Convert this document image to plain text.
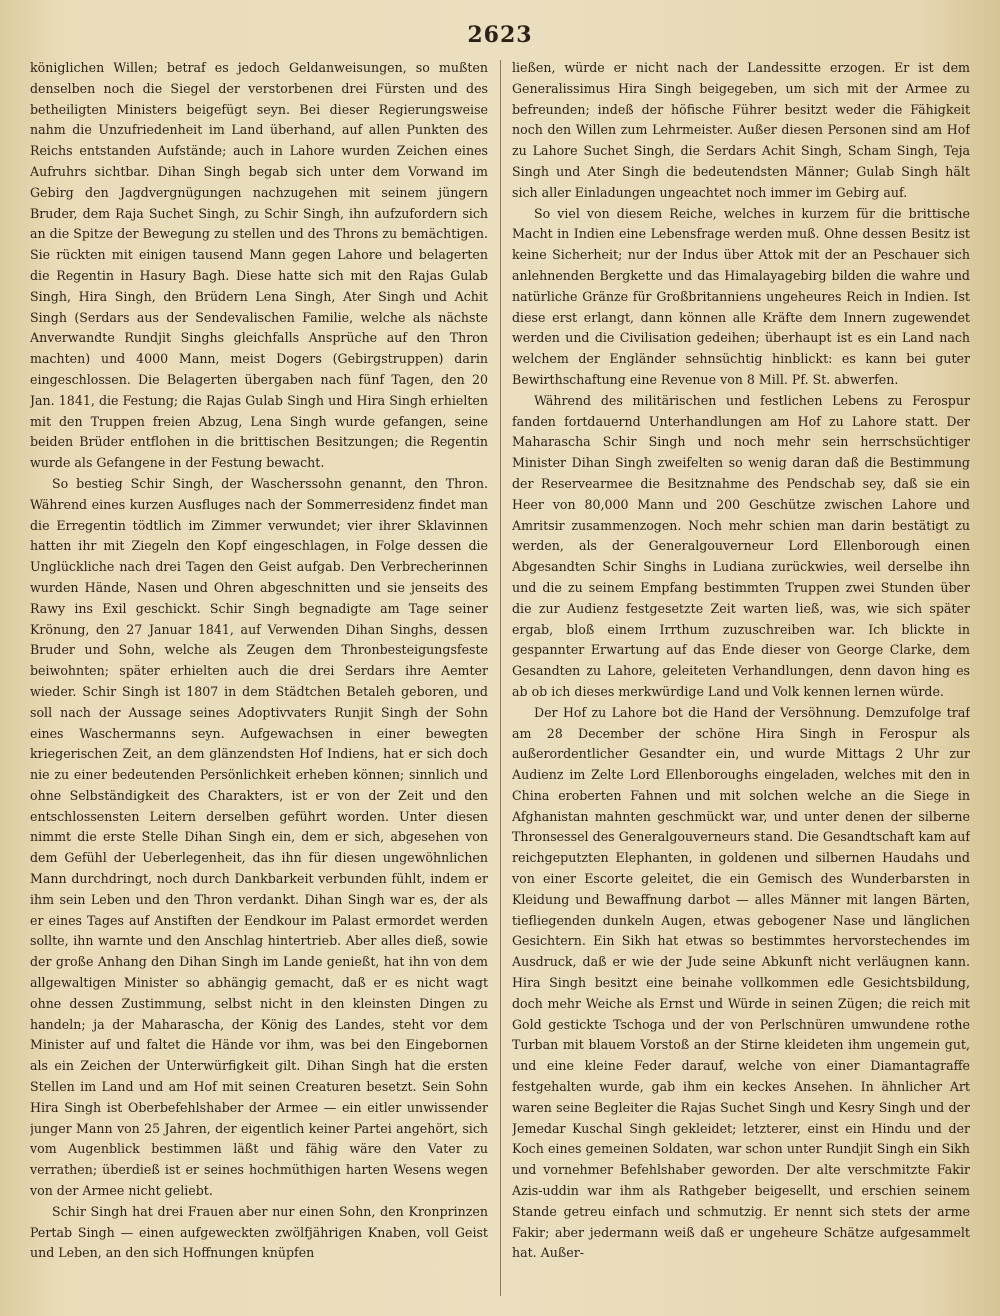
2623

königlichen Willen; betraf es jedoch Geldanweisungen, so mußten denselben noch die Siegel der verstorbenen drei Fürsten und des betheiligten Ministers beigefügt seyn. Bei dieser Regierungsweise nahm die Unzufriedenheit im Land überhand, auf allen Punkten des Reichs entstanden Aufstände; auch in Lahore wurden Zeichen eines Aufruhrs sichtbar. Dihan Singh begab sich unter dem Vorwand im Gebirg den Jagdvergnügungen nachzugehen mit seinem jüngern Bruder, dem Raja Suchet Singh, zu Schir Singh, ihn aufzufordern sich an die Spitze der Bewegung zu stellen und des Throns zu bemächtigen. Sie rückten mit einigen tausend Mann gegen Lahore und belagerten die Regentin in Hasury Bagh. Diese hatte sich mit den Rajas Gulab Singh, Hira Singh, den Brüdern Lena Singh, Ater Singh und Achit Singh (Serdars aus der Sendevalischen Familie, welche als nächste Anverwandte Rundjit Singhs gleichfalls Ansprüche auf den Thron machten) und 4000 Mann, meist Dogers (Gebirgstruppen) darin eingeschlossen. Die Belagerten übergaben nach fünf Tagen, den 20 Jan. 1841, die Festung; die Rajas Gulab Singh und Hira Singh erhielten mit den Truppen freien Abzug, Lena Singh wurde gefangen, seine beiden Brüder entflohen in die brittischen Besitzungen; die Regentin wurde als Gefangene in der Festung bewacht.

So bestieg Schir Singh, der Wascherssohn genannt, den Thron. Während eines kurzen Ausfluges nach der Sommerresidenz findet man die Erregentin tödtlich im Zimmer verwundet; vier ihrer Sklavinnen hatten ihr mit Ziegeln den Kopf eingeschlagen, in Folge dessen die Unglückliche nach drei Tagen den Geist aufgab. Den Verbrecherinnen wurden Hände, Nasen und Ohren abgeschnitten und sie jenseits des Rawy ins Exil geschickt. Schir Singh begnadigte am Tage seiner Krönung, den 27 Januar 1841, auf Verwenden Dihan Singhs, dessen Bruder und Sohn, welche als Zeugen dem Thronbesteigungsfeste beiwohnten; später erhielten auch die drei Serdars ihre Aemter wieder. Schir Singh ist 1807 in dem Städtchen Betaleh geboren, und soll nach der Aussage seines Adoptivvaters Runjit Singh der Sohn eines Waschermanns seyn. Aufgewachsen in einer bewegten kriegerischen Zeit, an dem glänzendsten Hof Indiens, hat er sich doch nie zu einer bedeutenden Persönlichkeit erheben können; sinnlich und ohne Selbständigkeit des Charakters, ist er von der Zeit und den entschlossensten Leitern derselben geführt worden. Unter diesen nimmt die erste Stelle Dihan Singh ein, dem er sich, abgesehen von dem Gefühl der Ueberlegenheit, das ihn für diesen ungewöhnlichen Mann durchdringt, noch durch Dankbarkeit verbunden fühlt, indem er ihm sein Leben und den Thron verdankt. Dihan Singh war es, der als er eines Tages auf Anstiften der Eendkour im Palast ermordet werden sollte, ihn warnte und den Anschlag hintertrieb. Aber alles dieß, sowie der große Anhang den Dihan Singh im Lande genießt, hat ihn von dem allgewaltigen Minister so abhängig gemacht, daß er es nicht wagt ohne dessen Zustimmung, selbst nicht in den kleinsten Dingen zu handeln; ja der Maharascha, der König des Landes, steht vor dem Minister auf und faltet die Hände vor ihm, was bei den Eingebornen als ein Zeichen der Unterwürfigkeit gilt. Dihan Singh hat die ersten Stellen im Land und am Hof mit seinen Creaturen besetzt. Sein Sohn Hira Singh ist Oberbefehlshaber der Armee — ein eitler unwissender junger Mann von 25 Jahren, der eigentlich keiner Partei angehört, sich vom Augenblick bestimmen läßt und fähig wäre den Vater zu verrathen; überdieß ist er seines hochmüthigen harten Wesens wegen von der Armee nicht geliebt.

Schir Singh hat drei Frauen aber nur einen Sohn, den Kronprinzen Pertab Singh — einen aufgeweckten zwölfjährigen Knaben, voll Geist und Leben, an den sich Hoffnungen knüpfen

ließen, würde er nicht nach der Landessitte erzogen. Er ist dem Generalissimus Hira Singh beigegeben, um sich mit der Armee zu befreunden; indeß der höfische Führer besitzt weder die Fähigkeit noch den Willen zum Lehrmeister. Außer diesen Personen sind am Hof zu Lahore Suchet Singh, die Serdars Achit Singh, Scham Singh, Teja Singh und Ater Singh die bedeutendsten Männer; Gulab Singh hält sich aller Einladungen ungeachtet noch immer im Gebirg auf.

So viel von diesem Reiche, welches in kurzem für die brittische Macht in Indien eine Lebensfrage werden muß. Ohne dessen Besitz ist keine Sicherheit; nur der Indus über Attok mit der an Peschauer sich anlehnenden Bergkette und das Himalayagebirg bilden die wahre und natürliche Gränze für Großbritanniens ungeheures Reich in Indien. Ist diese erst erlangt, dann können alle Kräfte dem Innern zugewendet werden und die Civilisation gedeihen; überhaupt ist es ein Land nach welchem der Engländer sehnsüchtig hinblickt: es kann bei guter Bewirthschaftung eine Revenue von 8 Mill. Pf. St. abwerfen.

Während des militärischen und festlichen Lebens zu Ferospur fanden fortdauernd Unterhandlungen am Hof zu Lahore statt. Der Maharascha Schir Singh und noch mehr sein herrschsüchtiger Minister Dihan Singh zweifelten so wenig daran daß die Bestimmung der Reservearmee die Besitznahme des Pendschab sey, daß sie ein Heer von 80,000 Mann und 200 Geschütze zwischen Lahore und Amritsir zusammenzogen. Noch mehr schien man darin bestätigt zu werden, als der Generalgouverneur Lord Ellenborough einen Abgesandten Schir Singhs in Ludiana zurückwies, weil derselbe ihn und die zu seinem Empfang bestimmten Truppen zwei Stunden über die zur Audienz festgesetzte Zeit warten ließ, was, wie sich später ergab, bloß einem Irrthum zuzuschreiben war. Ich blickte in gespannter Erwartung auf das Ende dieser von George Clarke, dem Gesandten zu Lahore, geleiteten Verhandlungen, denn davon hing es ab ob ich dieses merkwürdige Land und Volk kennen lernen würde.

Der Hof zu Lahore bot die Hand der Versöhnung. Demzufolge traf am 28 December der schöne Hira Singh in Ferospur als außerordentlicher Gesandter ein, und wurde Mittags 2 Uhr zur Audienz im Zelte Lord Ellenboroughs eingeladen, welches mit den in China eroberten Fahnen und mit solchen welche an die Siege in Afghanistan mahnten geschmückt war, und unter denen der silberne Thronsessel des Generalgouverneurs stand. Die Gesandtschaft kam auf reichgeputzten Elephanten, in goldenen und silbernen Haudahs und von einer Escorte geleitet, die ein Gemisch des Wunderbarsten in Kleidung und Bewaffnung darbot — alles Männer mit langen Bärten, tiefliegenden dunkeln Augen, etwas gebogener Nase und länglichen Gesichtern. Ein Sikh hat etwas so bestimmtes hervorstechendes im Ausdruck, daß er wie der Jude seine Abkunft nicht verläugnen kann. Hira Singh besitzt eine beinahe vollkommen edle Gesichtsbildung, doch mehr Weiche als Ernst und Würde in seinen Zügen; die reich mit Gold gestickte Tschoga und der von Perlschnüren umwundene rothe Turban mit blauem Vorstoß an der Stirne kleideten ihm ungemein gut, und eine kleine Feder darauf, welche von einer Diamantagraffe festgehalten wurde, gab ihm ein keckes Ansehen. In ähnlicher Art waren seine Begleiter die Rajas Suchet Singh und Kesry Singh und der Jemedar Kuschal Singh gekleidet; letzterer, einst ein Hindu und der Koch eines gemeinen Soldaten, war schon unter Rundjit Singh ein Sikh und vornehmer Befehlshaber geworden. Der alte verschmitzte Fakir Azis-uddin war ihm als Rathgeber beigesellt, und erschien seinem Stande getreu einfach und schmutzig. Er nennt sich stets der arme Fakir; aber jedermann weiß daß er ungeheure Schätze aufgesammelt hat. Außer-
